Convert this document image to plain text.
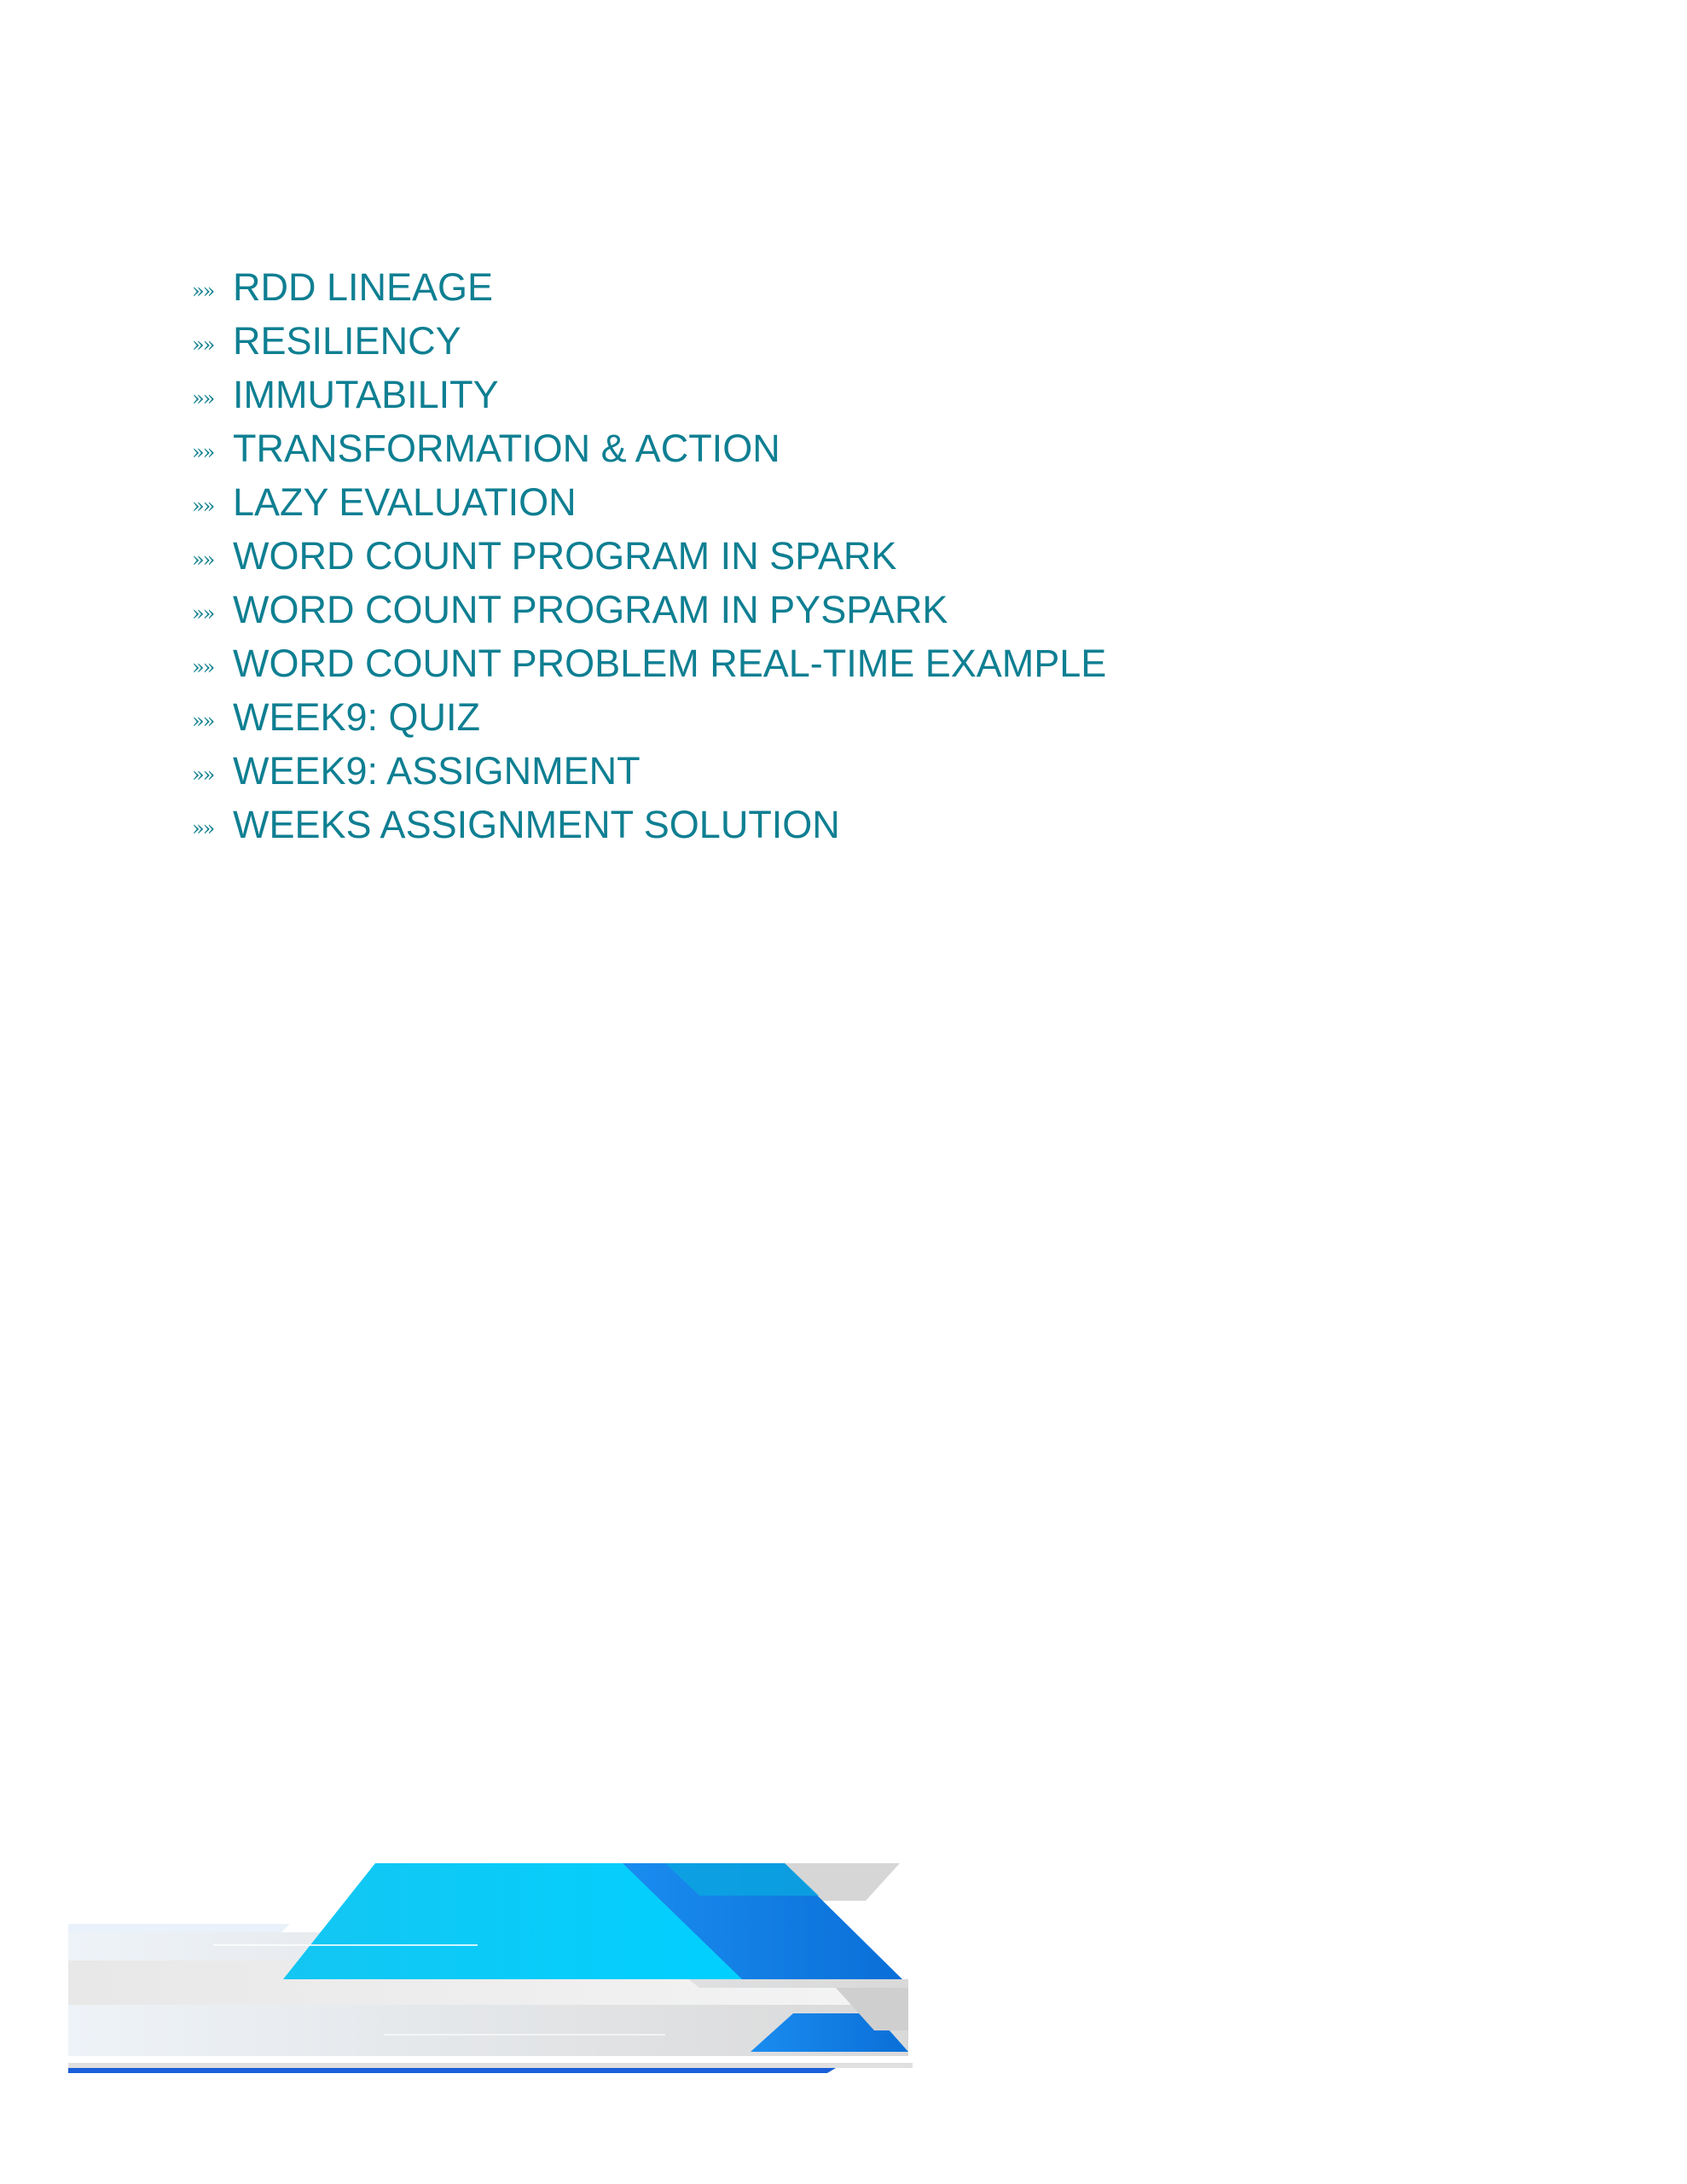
»» RDD LINEAGE
»» RESILIENCY
»» IMMUTABILITY
»» TRANSFORMATION & ACTION
»» LAZY EVALUATION
»» WORD COUNT PROGRAM IN SPARK
»» WORD COUNT PROGRAM IN PYSPARK
»» WORD COUNT PROBLEM REAL-TIME EXAMPLE
»» WEEK9: QUIZ
»» WEEK9: ASSIGNMENT
»» WEEKS ASSIGNMENT SOLUTION
